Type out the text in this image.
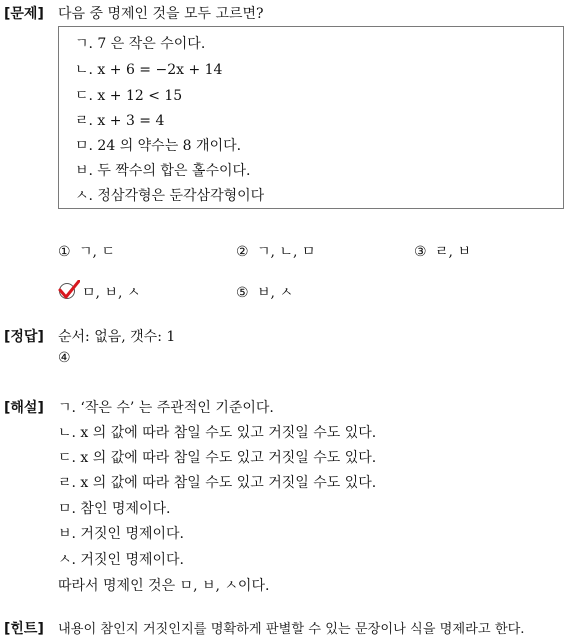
[문제] 다음 중 명제인 것을 모두 고르면?
ㄱ. 7 은 작은 수이다.
ㄴ. x + 6 = −2x + 14
ㄷ. x + 12 < 15
ㄹ. x + 3 = 4
ㅁ. 24 의 약수는 8 개이다.
ㅂ. 두 짝수의 합은 홀수이다.
ㅅ. 정삼각형은 둔각삼각형이다
① ㄱ, ㄷ	② ㄱ, ㄴ, ㅁ	③ ㄹ, ㅂ
ㅁ, ㅂ, ㅅ	⑤ ㅂ, ㅅ
[정답] 순서: 없음, 갯수: 1
④
[해설] ㄱ. ‘작은 수’ 는 주관적인 기준이다.
ㄴ. x 의 값에 따라 참일 수도 있고 거짓일 수도 있다.
ㄷ. x 의 값에 따라 참일 수도 있고 거짓일 수도 있다.
ㄹ. x 의 값에 따라 참일 수도 있고 거짓일 수도 있다.
ㅁ. 참인 명제이다.
ㅂ. 거짓인 명제이다.
ㅅ. 거짓인 명제이다.
따라서 명제인 것은 ㅁ, ㅂ, ㅅ이다.
[힌트] 내용이 참인지 거짓인지를 명확하게 판별할 수 있는 문장이나 식을 명제라고 한다.
